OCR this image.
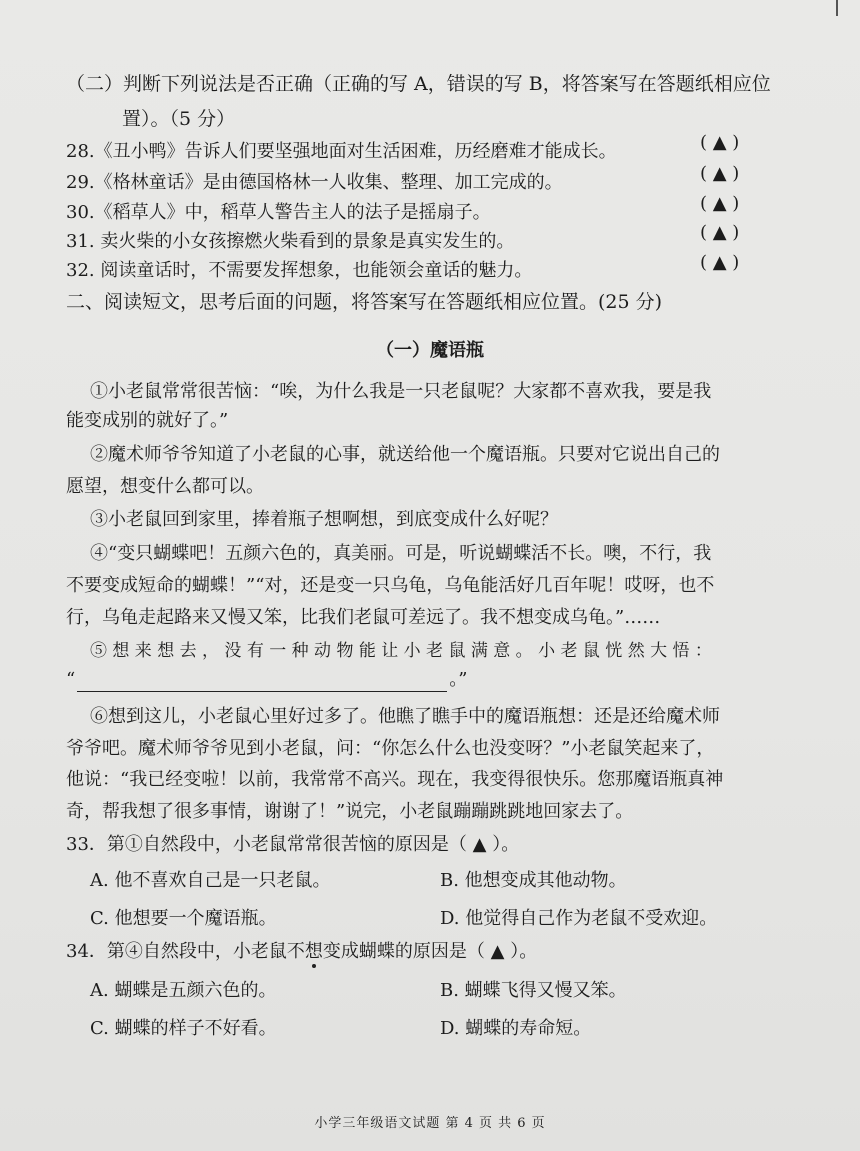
（二）判断下列说法是否正确（正确的写 A，错误的写 B，将答案写在答题纸相应位
置）。（5 分）
28.《丑小鸭》告诉人们要坚强地面对生活困难，历经磨难才能成长。	( ▲ )
29.《格林童话》是由德国格林一人收集、整理、加工完成的。	( ▲ )
30.《稻草人》中，稻草人警告主人的法子是摇扇子。	( ▲ )
31. 卖火柴的小女孩擦燃火柴看到的景象是真实发生的。	( ▲ )
32. 阅读童话时，不需要发挥想象，也能领会童话的魅力。	( ▲ )
二、阅读短文，思考后面的问题，将答案写在答题纸相应位置。(25 分)
（一）魔语瓶
①小老鼠常常很苦恼：“唉，为什么我是一只老鼠呢？大家都不喜欢我，要是我
能变成别的就好了。”
②魔术师爷爷知道了小老鼠的心事，就送给他一个魔语瓶。只要对它说出自己的
愿望，想变什么都可以。
③小老鼠回到家里，捧着瓶子想啊想，到底变成什么好呢？
④“变只蝴蝶吧！五颜六色的，真美丽。可是，听说蝴蝶活不长。噢，不行，我
不要变成短命的蝴蝶！”“对，还是变一只乌龟，乌龟能活好几百年呢！哎呀，也不
行，乌龟走起路来又慢又笨，比我们老鼠可差远了。我不想变成乌龟。”……
⑤ 想 来 想 去 ， 没 有 一 种 动 物 能 让 小 老 鼠 满 意 。 小 老 鼠 恍 然 大 悟 ：
“	。”
⑥想到这儿，小老鼠心里好过多了。他瞧了瞧手中的魔语瓶想：还是还给魔术师
爷爷吧。魔术师爷爷见到小老鼠，问：“你怎么什么也没变呀？”小老鼠笑起来了，
他说：“我已经变啦！以前，我常常不高兴。现在，我变得很快乐。您那魔语瓶真神
奇，帮我想了很多事情，谢谢了！”说完，小老鼠蹦蹦跳跳地回家去了。
33．第①自然段中，小老鼠常常很苦恼的原因是（ ▲ ）。
A. 他不喜欢自己是一只老鼠。	B. 他想变成其他动物。
C. 他想要一个魔语瓶。	D. 他觉得自己作为老鼠不受欢迎。
34．第④自然段中，小老鼠不想变成蝴蝶的原因是（ ▲ ）。
A. 蝴蝶是五颜六色的。	B. 蝴蝶飞得又慢又笨。
C. 蝴蝶的样子不好看。	D. 蝴蝶的寿命短。
小学三年级语文试题 第 4 页 共 6 页
